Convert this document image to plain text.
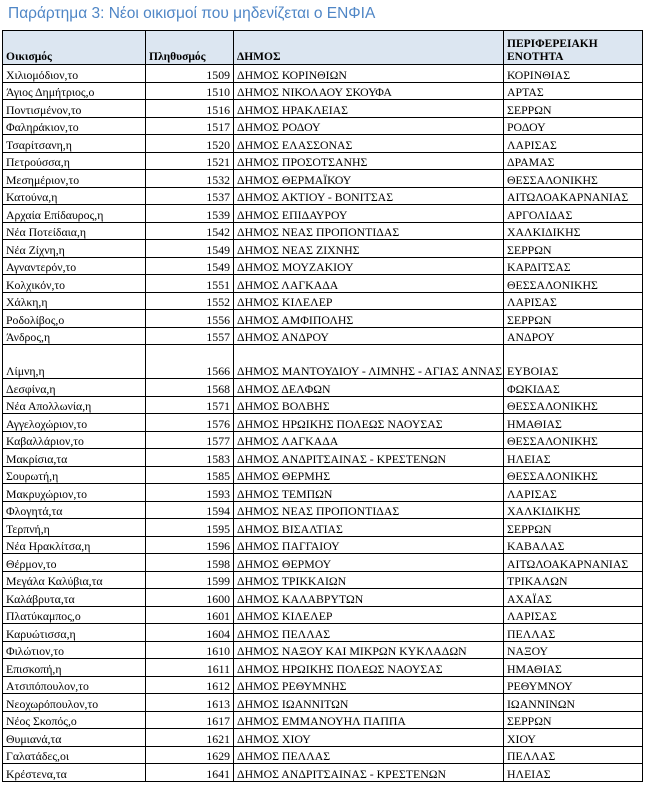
Παράρτημα 3: Νέοι οικισμοί που μηδενίζεται ο ΕΝΦΙΑ
Οικισμός	Πληθυσμός	ΔΗΜΟΣ	ΠΕΡΙΦΕΡΕΙΑΚΗ ΕΝΟΤΗΤΑ
Χιλιομόδιον,το	1509	ΔΗΜΟΣ ΚΟΡΙΝΘΙΩΝ	ΚΟΡΙΝΘΙΑΣ
Άγιος Δημήτριος,ο	1510	ΔΗΜΟΣ ΝΙΚΟΛΑΟΥ ΣΚΟΥΦΑ	ΑΡΤΑΣ
Ποντισμένον,το	1516	ΔΗΜΟΣ ΗΡΑΚΛΕΙΑΣ	ΣΕΡΡΩΝ
Φαληράκιον,το	1517	ΔΗΜΟΣ ΡΟΔΟΥ	ΡΟΔΟΥ
Τσαρίτσανη,η	1520	ΔΗΜΟΣ ΕΛΑΣΣΟΝΑΣ	ΛΑΡΙΣΑΣ
Πετρούσσα,η	1521	ΔΗΜΟΣ ΠΡΟΣΟΤΣΑΝΗΣ	ΔΡΑΜΑΣ
Μεσημέριον,το	1532	ΔΗΜΟΣ ΘΕΡΜΑΪΚΟΥ	ΘΕΣΣΑΛΟΝΙΚΗΣ
Κατούνα,η	1537	ΔΗΜΟΣ ΑΚΤΙΟΥ - ΒΟΝΙΤΣΑΣ	ΑΙΤΩΛΟΑΚΑΡΝΑΝΙΑΣ
Αρχαία Επίδαυρος,η	1539	ΔΗΜΟΣ ΕΠΙΔΑΥΡΟΥ	ΑΡΓΟΛΙΔΑΣ
Νέα Ποτείδαια,η	1542	ΔΗΜΟΣ ΝΕΑΣ ΠΡΟΠΟΝΤΙΔΑΣ	ΧΑΛΚΙΔΙΚΗΣ
Νέα Ζίχνη,η	1549	ΔΗΜΟΣ ΝΕΑΣ ΖΙΧΝΗΣ	ΣΕΡΡΩΝ
Αγναντερόν,το	1549	ΔΗΜΟΣ ΜΟΥΖΑΚΙΟΥ	ΚΑΡΔΙΤΣΑΣ
Κολχικόν,το	1551	ΔΗΜΟΣ ΛΑΓΚΑΔΑ	ΘΕΣΣΑΛΟΝΙΚΗΣ
Χάλκη,η	1552	ΔΗΜΟΣ ΚΙΛΕΛΕΡ	ΛΑΡΙΣΑΣ
Ροδολίβος,ο	1556	ΔΗΜΟΣ ΑΜΦΙΠΟΛΗΣ	ΣΕΡΡΩΝ
Άνδρος,η	1557	ΔΗΜΟΣ ΑΝΔΡΟΥ	ΑΝΔΡΟΥ
Λίμνη,η	1566	ΔΗΜΟΣ ΜΑΝΤΟΥΔΙΟΥ - ΛΙΜΝΗΣ - ΑΓΙΑΣ ΑΝΝΑΣ	ΕΥΒΟΙΑΣ
Δεσφίνα,η	1568	ΔΗΜΟΣ ΔΕΛΦΩΝ	ΦΩΚΙΔΑΣ
Νέα Απολλωνία,η	1571	ΔΗΜΟΣ ΒΟΛΒΗΣ	ΘΕΣΣΑΛΟΝΙΚΗΣ
Αγγελοχώριον,το	1576	ΔΗΜΟΣ ΗΡΩΙΚΗΣ ΠΟΛΕΩΣ ΝΑΟΥΣΑΣ	ΗΜΑΘΙΑΣ
Καβαλλάριον,το	1577	ΔΗΜΟΣ ΛΑΓΚΑΔΑ	ΘΕΣΣΑΛΟΝΙΚΗΣ
Μακρίσια,τα	1583	ΔΗΜΟΣ ΑΝΔΡΙΤΣΑΙΝΑΣ - ΚΡΕΣΤΕΝΩΝ	ΗΛΕΙΑΣ
Σουρωτή,η	1585	ΔΗΜΟΣ ΘΕΡΜΗΣ	ΘΕΣΣΑΛΟΝΙΚΗΣ
Μακρυχώριον,το	1593	ΔΗΜΟΣ ΤΕΜΠΩΝ	ΛΑΡΙΣΑΣ
Φλογητά,τα	1594	ΔΗΜΟΣ ΝΕΑΣ ΠΡΟΠΟΝΤΙΔΑΣ	ΧΑΛΚΙΔΙΚΗΣ
Τερπνή,η	1595	ΔΗΜΟΣ ΒΙΣΑΛΤΙΑΣ	ΣΕΡΡΩΝ
Νέα Ηρακλίτσα,η	1596	ΔΗΜΟΣ ΠΑΓΓΑΙΟΥ	ΚΑΒΑΛΑΣ
Θέρμον,το	1598	ΔΗΜΟΣ ΘΕΡΜΟΥ	ΑΙΤΩΛΟΑΚΑΡΝΑΝΙΑΣ
Μεγάλα Καλύβια,τα	1599	ΔΗΜΟΣ ΤΡΙΚΚΑΙΩΝ	ΤΡΙΚΑΛΩΝ
Καλάβρυτα,τα	1600	ΔΗΜΟΣ ΚΑΛΑΒΡΥΤΩΝ	ΑΧΑΪΑΣ
Πλατύκαμπος,ο	1601	ΔΗΜΟΣ ΚΙΛΕΛΕΡ	ΛΑΡΙΣΑΣ
Καρυώτισσα,η	1604	ΔΗΜΟΣ ΠΕΛΛΑΣ	ΠΕΛΛΑΣ
Φιλώτιον,το	1610	ΔΗΜΟΣ ΝΑΞΟΥ ΚΑΙ ΜΙΚΡΩΝ ΚΥΚΛΑΔΩΝ	ΝΑΞΟΥ
Επισκοπή,η	1611	ΔΗΜΟΣ ΗΡΩΙΚΗΣ ΠΟΛΕΩΣ ΝΑΟΥΣΑΣ	ΗΜΑΘΙΑΣ
Ατσιπόπουλον,το	1612	ΔΗΜΟΣ ΡΕΘΥΜΝΗΣ	ΡΕΘΥΜΝΟΥ
Νεοχωρόπουλον,το	1613	ΔΗΜΟΣ ΙΩΑΝΝΙΤΩΝ	ΙΩΑΝΝΙΝΩΝ
Νέος Σκοπός,ο	1617	ΔΗΜΟΣ ΕΜΜΑΝΟΥΗΛ ΠΑΠΠΑ	ΣΕΡΡΩΝ
Θυμιανά,τα	1621	ΔΗΜΟΣ ΧΙΟΥ	ΧΙΟΥ
Γαλατάδες,οι	1629	ΔΗΜΟΣ ΠΕΛΛΑΣ	ΠΕΛΛΑΣ
Κρέστενα,τα	1641	ΔΗΜΟΣ ΑΝΔΡΙΤΣΑΙΝΑΣ - ΚΡΕΣΤΕΝΩΝ	ΗΛΕΙΑΣ
